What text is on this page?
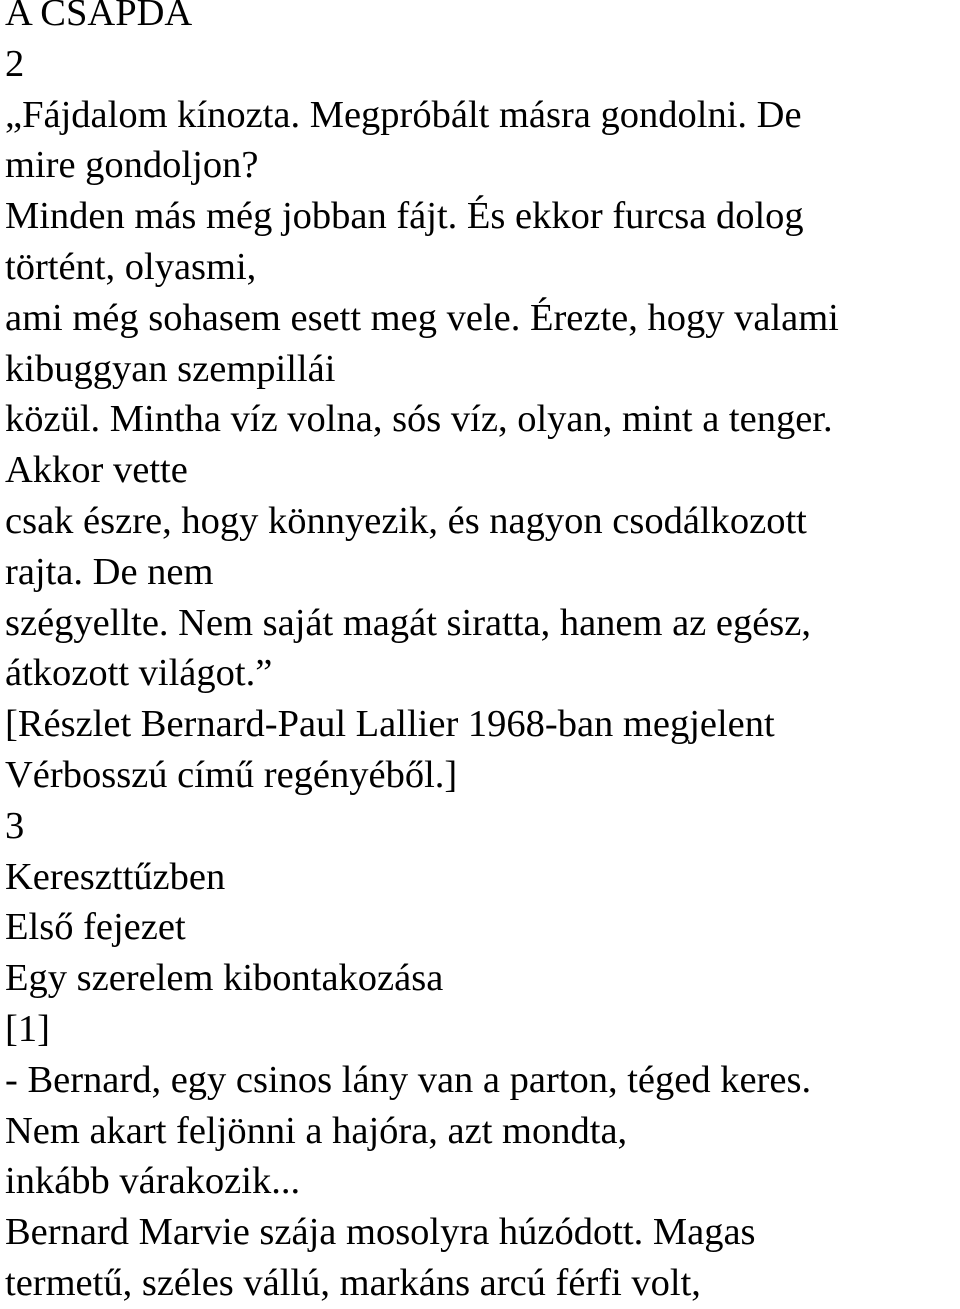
A CSAPDA
2
„Fájdalom kínozta. Megpróbált másra gondolni. De
mire gondoljon?
Minden más még jobban fájt. És ekkor furcsa dolog
történt, olyasmi,
ami még sohasem esett meg vele. Érezte, hogy valami
kibuggyan szempillái
közül. Mintha víz volna, sós víz, olyan, mint a tenger.
Akkor vette
csak észre, hogy könnyezik, és nagyon csodálkozott
rajta. De nem
szégyellte. Nem saját magát siratta, hanem az egész,
átkozott világot.”
[Részlet Bernard-Paul Lallier 1968-ban megjelent
Vérbosszú című regényéből.]
3
Kereszttűzben
Első fejezet
Egy szerelem kibontakozása
[1]
- Bernard, egy csinos lány van a parton, téged keres.
Nem akart feljönni a hajóra, azt mondta,
inkább várakozik...
Bernard Marvie szája mosolyra húzódott. Magas
termetű, széles vállú, markáns arcú férfi volt,
